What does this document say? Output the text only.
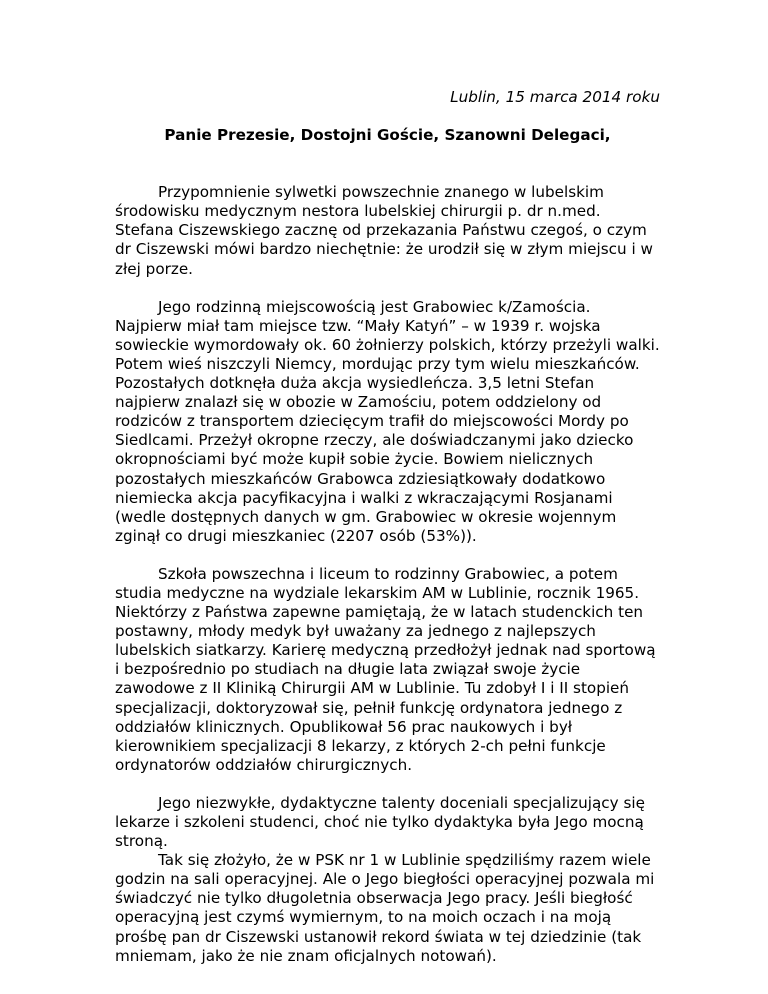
Lublin, 15 marca 2014 roku

Panie Prezesie, Dostojni Goście, Szanowni Delegaci,

Przypomnienie sylwetki powszechnie znanego w lubelskim
środowisku medycznym nestora lubelskiej chirurgii p. dr n.med.
Stefana Ciszewskiego zacznę od przekazania Państwu czegoś, o czym
dr Ciszewski mówi bardzo niechętnie: że urodził się w złym miejscu i w
złej porze.

Jego rodzinną miejscowością jest Grabowiec k/Zamościa.
Najpierw miał tam miejsce tzw. “Mały Katyń” – w 1939 r. wojska
sowieckie wymordowały ok. 60 żołnierzy polskich, którzy przeżyli walki.
Potem wieś niszczyli Niemcy, mordując przy tym wielu mieszkańców.
Pozostałych dotknęła duża akcja wysiedleńcza. 3,5 letni Stefan
najpierw znalazł się w obozie w Zamościu, potem oddzielony od
rodziców z transportem dziecięcym trafił do miejscowości Mordy po
Siedlcami. Przeżył okropne rzeczy, ale doświadczanymi jako dziecko
okropnościami być może kupił sobie życie. Bowiem nielicznych
pozostałych mieszkańców Grabowca zdziesiątkowały dodatkowo
niemiecka akcja pacyfikacyjna i walki z wkraczającymi Rosjanami
(wedle dostępnych danych w gm. Grabowiec w okresie wojennym
zginął co drugi mieszkaniec (2207 osób (53%)).

Szkoła powszechna i liceum to rodzinny Grabowiec, a potem
studia medyczne na wydziale lekarskim AM w Lublinie, rocznik 1965.
Niektórzy z Państwa zapewne pamiętają, że w latach studenckich ten
postawny, młody medyk był uważany za jednego z najlepszych
lubelskich siatkarzy. Karierę medyczną przedłożył jednak nad sportową
i bezpośrednio po studiach na długie lata związał swoje życie
zawodowe z II Kliniką Chirurgii AM w Lublinie. Tu zdobył I i II stopień
specjalizacji, doktoryzował się, pełnił funkcję ordynatora jednego z
oddziałów klinicznych. Opublikował 56 prac naukowych i był
kierownikiem specjalizacji 8 lekarzy, z których 2-ch pełni funkcje
ordynatorów oddziałów chirurgicznych.

Jego niezwykłe, dydaktyczne talenty doceniali specjalizujący się
lekarze i szkoleni studenci, choć nie tylko dydaktyka była Jego mocną
stroną.

Tak się złożyło, że w PSK nr 1 w Lublinie spędziliśmy razem wiele
godzin na sali operacyjnej. Ale o Jego biegłości operacyjnej pozwala mi
świadczyć nie tylko długoletnia obserwacja Jego pracy. Jeśli biegłość
operacyjną jest czymś wymiernym, to na moich oczach i na moją
prośbę pan dr Ciszewski ustanowił rekord świata w tej dziedzinie (tak
mniemam, jako że nie znam oficjalnych notowań).
